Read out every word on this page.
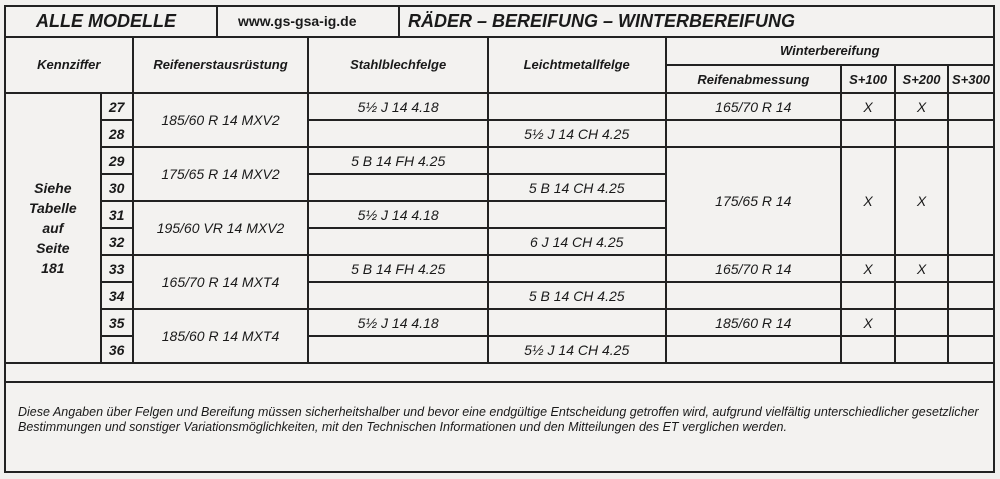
ALLE MODELLE	www.gs-gsa-ig.de	RÄDER – BEREIFUNG – WINTERBEREIFUNG
Kennziffer		Reifenerstausrüstung	Stahlblechfelge	Leichtmetallfelge	Winterbereifung			
					Reifenabmessung	S+100	S+200	S+300
Siehe
Tabelle
auf
Seite
181	27	185/60 R 14 MXV2	5½ J 14 4.18		165/70 R 14	X	X	
	28			5½ J 14 CH 4.25				
	29	175/65 R 14 MXV2	5 B 14 FH 4.25		175/65 R 14	X	X	
	30			5 B 14 CH 4.25				
	31	195/60 VR 14 MXV2	5½ J 14 4.18					
	32			6 J 14 CH 4.25				
	33	165/70 R 14 MXT4	5 B 14 FH 4.25		165/70 R 14	X	X	
	34			5 B 14 CH 4.25				
	35	185/60 R 14 MXT4	5½ J 14 4.18		185/60 R 14	X		
	36			5½ J 14 CH 4.25				

Diese Angaben über Felgen und Bereifung müssen sicherheitshalber und bevor eine endgültige Entscheidung getroffen wird, aufgrund vielfältig unterschiedlicher gesetzlicher Bestimmungen und sonstiger Variationsmöglichkeiten, mit den Technischen Informationen und den Mitteilungen des ET verglichen werden.
